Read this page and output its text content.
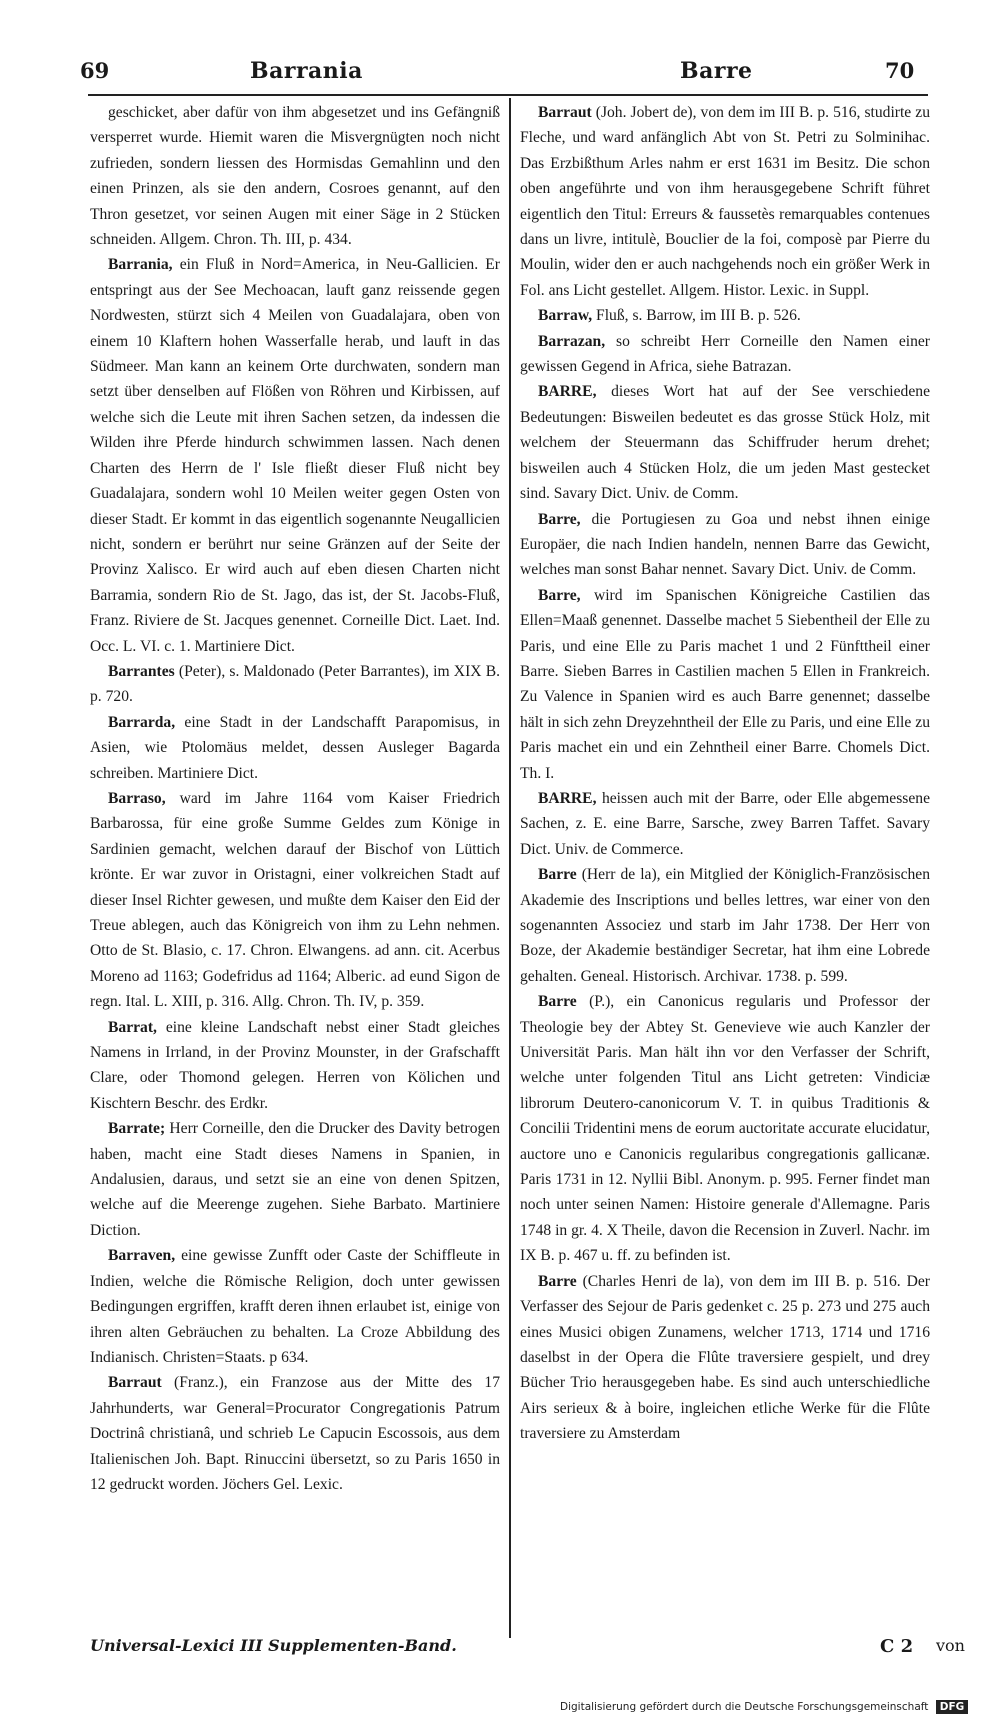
69	Barrania	Barre	70

geschicket, aber dafür von ihm abgesetzet und ins Gefängniß versperret wurde. Hiemit waren die Misvergnügten noch nicht zufrieden, sondern liessen des Hormisdas Gemahlinn und den einen Prinzen, als sie den andern, Cosroes genannt, auf den Thron gesetzet, vor seinen Augen mit einer Säge in 2 Stücken schneiden. Allgem. Chron. Th. III, p. 434.

Barrania, ein Fluß in Nord=America, in Neu-Gallicien. Er entspringt aus der See Mechoacan, lauft ganz reissende gegen Nordwesten, stürzt sich 4 Meilen von Guadalajara, oben von einem 10 Klaftern hohen Wasserfalle herab, und lauft in das Südmeer. Man kann an keinem Orte durchwaten, sondern man setzt über denselben auf Flößen von Röhren und Kirbissen, auf welche sich die Leute mit ihren Sachen setzen, da indessen die Wilden ihre Pferde hindurch schwimmen lassen. Nach denen Charten des Herrn de l' Isle fließt dieser Fluß nicht bey Guadalajara, sondern wohl 10 Meilen weiter gegen Osten von dieser Stadt. Er kommt in das eigentlich sogenannte Neugallicien nicht, sondern er berührt nur seine Gränzen auf der Seite der Provinz Xalisco. Er wird auch auf eben diesen Charten nicht Barramia, sondern Rio de St. Jago, das ist, der St. Jacobs-Fluß, Franz. Riviere de St. Jacques genennet. Corneille Dict. Laet. Ind. Occ. L. VI. c. 1. Martiniere Dict.

Barrantes (Peter), s. Maldonado (Peter Barrantes), im XIX B. p. 720.

Barrarda, eine Stadt in der Landschafft Parapomisus, in Asien, wie Ptolomäus meldet, dessen Ausleger Bagarda schreiben. Martiniere Dict.

Barraso, ward im Jahre 1164 vom Kaiser Friedrich Barbarossa, für eine große Summe Geldes zum Könige in Sardinien gemacht, welchen darauf der Bischof von Lüttich krönte. Er war zuvor in Oristagni, einer volkreichen Stadt auf dieser Insel Richter gewesen, und mußte dem Kaiser den Eid der Treue ablegen, auch das Königreich von ihm zu Lehn nehmen. Otto de St. Blasio, c. 17. Chron. Elwangens. ad ann. cit. Acerbus Moreno ad 1163; Godefridus ad 1164; Alberic. ad eund Sigon de regn. Ital. L. XIII, p. 316. Allg. Chron. Th. IV, p. 359.

Barrat, eine kleine Landschaft nebst einer Stadt gleiches Namens in Irrland, in der Provinz Mounster, in der Grafschafft Clare, oder Thomond gelegen. Herren von Kölichen und Kischtern Beschr. des Erdkr.

Barrate; Herr Corneille, den die Drucker des Davity betrogen haben, macht eine Stadt dieses Namens in Spanien, in Andalusien, daraus, und setzt sie an eine von denen Spitzen, welche auf die Meerenge zugehen. Siehe Barbato. Martiniere Diction.

Barraven, eine gewisse Zunfft oder Caste der Schiffleute in Indien, welche die Römische Religion, doch unter gewissen Bedingungen ergriffen, krafft deren ihnen erlaubet ist, einige von ihren alten Gebräuchen zu behalten. La Croze Abbildung des Indianisch. Christen=Staats. p 634.

Barraut (Franz.), ein Franzose aus der Mitte des 17 Jahrhunderts, war General=Procurator Congregationis Patrum Doctrinâ christianâ, und schrieb Le Capucin Escossois, aus dem Italienischen Joh. Bapt. Rinuccini übersetzt, so zu Paris 1650 in 12 gedruckt worden. Jöchers Gel. Lexic.

Barraut (Joh. Jobert de), von dem im III B. p. 516, studirte zu Fleche, und ward anfänglich Abt von St. Petri zu Solminihac. Das Erzbißthum Arles nahm er erst 1631 im Besitz. Die schon oben angeführte und von ihm herausgegebene Schrift führet eigentlich den Titul: Erreurs & faussetès remarquables contenues dans un livre, intitulè, Bouclier de la foi, composè par Pierre du Moulin, wider den er auch nachgehends noch ein größer Werk in Fol. ans Licht gestellet. Allgem. Histor. Lexic. in Suppl.

Barraw, Fluß, s. Barrow, im III B. p. 526.

Barrazan, so schreibt Herr Corneille den Namen einer gewissen Gegend in Africa, siehe Batrazan.

BARRE, dieses Wort hat auf der See verschiedene Bedeutungen: Bisweilen bedeutet es das grosse Stück Holz, mit welchem der Steuermann das Schiffruder herum drehet; bisweilen auch 4 Stücken Holz, die um jeden Mast gestecket sind. Savary Dict. Univ. de Comm.

Barre, die Portugiesen zu Goa und nebst ihnen einige Europäer, die nach Indien handeln, nennen Barre das Gewicht, welches man sonst Bahar nennet. Savary Dict. Univ. de Comm.

Barre, wird im Spanischen Königreiche Castilien das Ellen=Maaß genennet. Dasselbe machet 5 Siebentheil der Elle zu Paris, und eine Elle zu Paris machet 1 und 2 Fünfttheil einer Barre. Sieben Barres in Castilien machen 5 Ellen in Frankreich. Zu Valence in Spanien wird es auch Barre genennet; dasselbe hält in sich zehn Dreyzehntheil der Elle zu Paris, und eine Elle zu Paris machet ein und ein Zehntheil einer Barre. Chomels Dict. Th. I.

BARRE, heissen auch mit der Barre, oder Elle abgemessene Sachen, z. E. eine Barre, Sarsche, zwey Barren Taffet. Savary Dict. Univ. de Commerce.

Barre (Herr de la), ein Mitglied der Königlich-Französischen Akademie des Inscriptions und belles lettres, war einer von den sogenannten Associez und starb im Jahr 1738. Der Herr von Boze, der Akademie beständiger Secretar, hat ihm eine Lobrede gehalten. Geneal. Historisch. Archivar. 1738. p. 599.

Barre (P.), ein Canonicus regularis und Professor der Theologie bey der Abtey St. Genevieve wie auch Kanzler der Universität Paris. Man hält ihn vor den Verfasser der Schrift, welche unter folgenden Titul ans Licht getreten: Vindiciæ librorum Deutero-canonicorum V. T. in quibus Traditionis & Concilii Tridentini mens de eorum auctoritate accurate elucidatur, auctore uno e Canonicis regularibus congregationis gallicanæ. Paris 1731 in 12. Nyllii Bibl. Anonym. p. 995. Ferner findet man noch unter seinen Namen: Histoire generale d'Allemagne. Paris 1748 in gr. 4. X Theile, davon die Recension in Zuverl. Nachr. im IX B. p. 467 u. ff. zu befinden ist.

Barre (Charles Henri de la), von dem im III B. p. 516. Der Verfasser des Sejour de Paris gedenket c. 25 p. 273 und 275 auch eines Musici obigen Zunamens, welcher 1713, 1714 und 1716 daselbst in der Opera die Flûte traversiere gespielt, und drey Bücher Trio herausgegeben habe. Es sind auch unterschiedliche Airs serieux & à boire, ingleichen etliche Werke für die Flûte traversiere zu Amsterdam

Universal-Lexici III Supplementen-Band.	C 2 von
Digitalisierung gefördert durch die Deutsche Forschungsgemeinschaft DFG
